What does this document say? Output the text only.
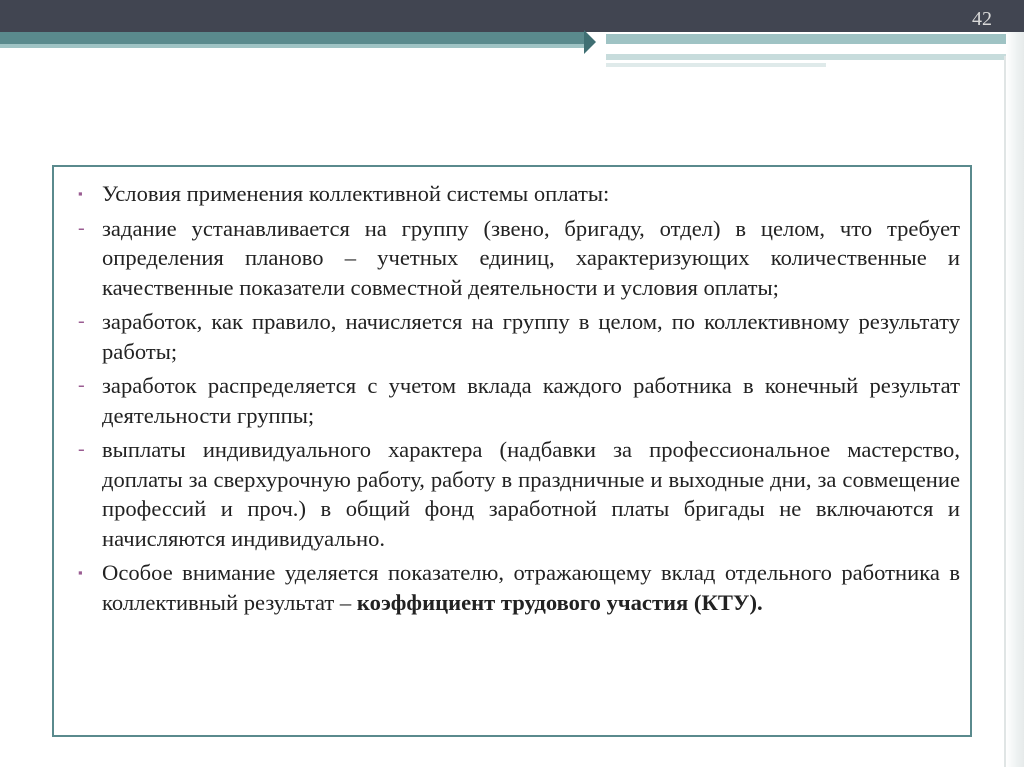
42
▪ Условия применения коллективной системы оплаты:
- задание устанавливается на группу (звено, бригаду, отдел) в целом, что требует определения планово – учетных единиц, характеризующих количественные и качественные показатели совместной деятельности и условия оплаты;
- заработок, как правило, начисляется на группу в целом, по коллективному результату работы;
- заработок распределяется с учетом вклада каждого работника в конечный результат деятельности группы;
- выплаты индивидуального характера (надбавки за профессиональное мастерство, доплаты за сверхурочную работу, работу в праздничные и выходные дни, за совмещение профессий и проч.) в общий фонд заработной платы бригады не включаются и начисляются индивидуально.
▪ Особое внимание уделяется показателю, отражающему вклад отдельного работника в коллективный результат – коэффициент трудового участия (КТУ).
